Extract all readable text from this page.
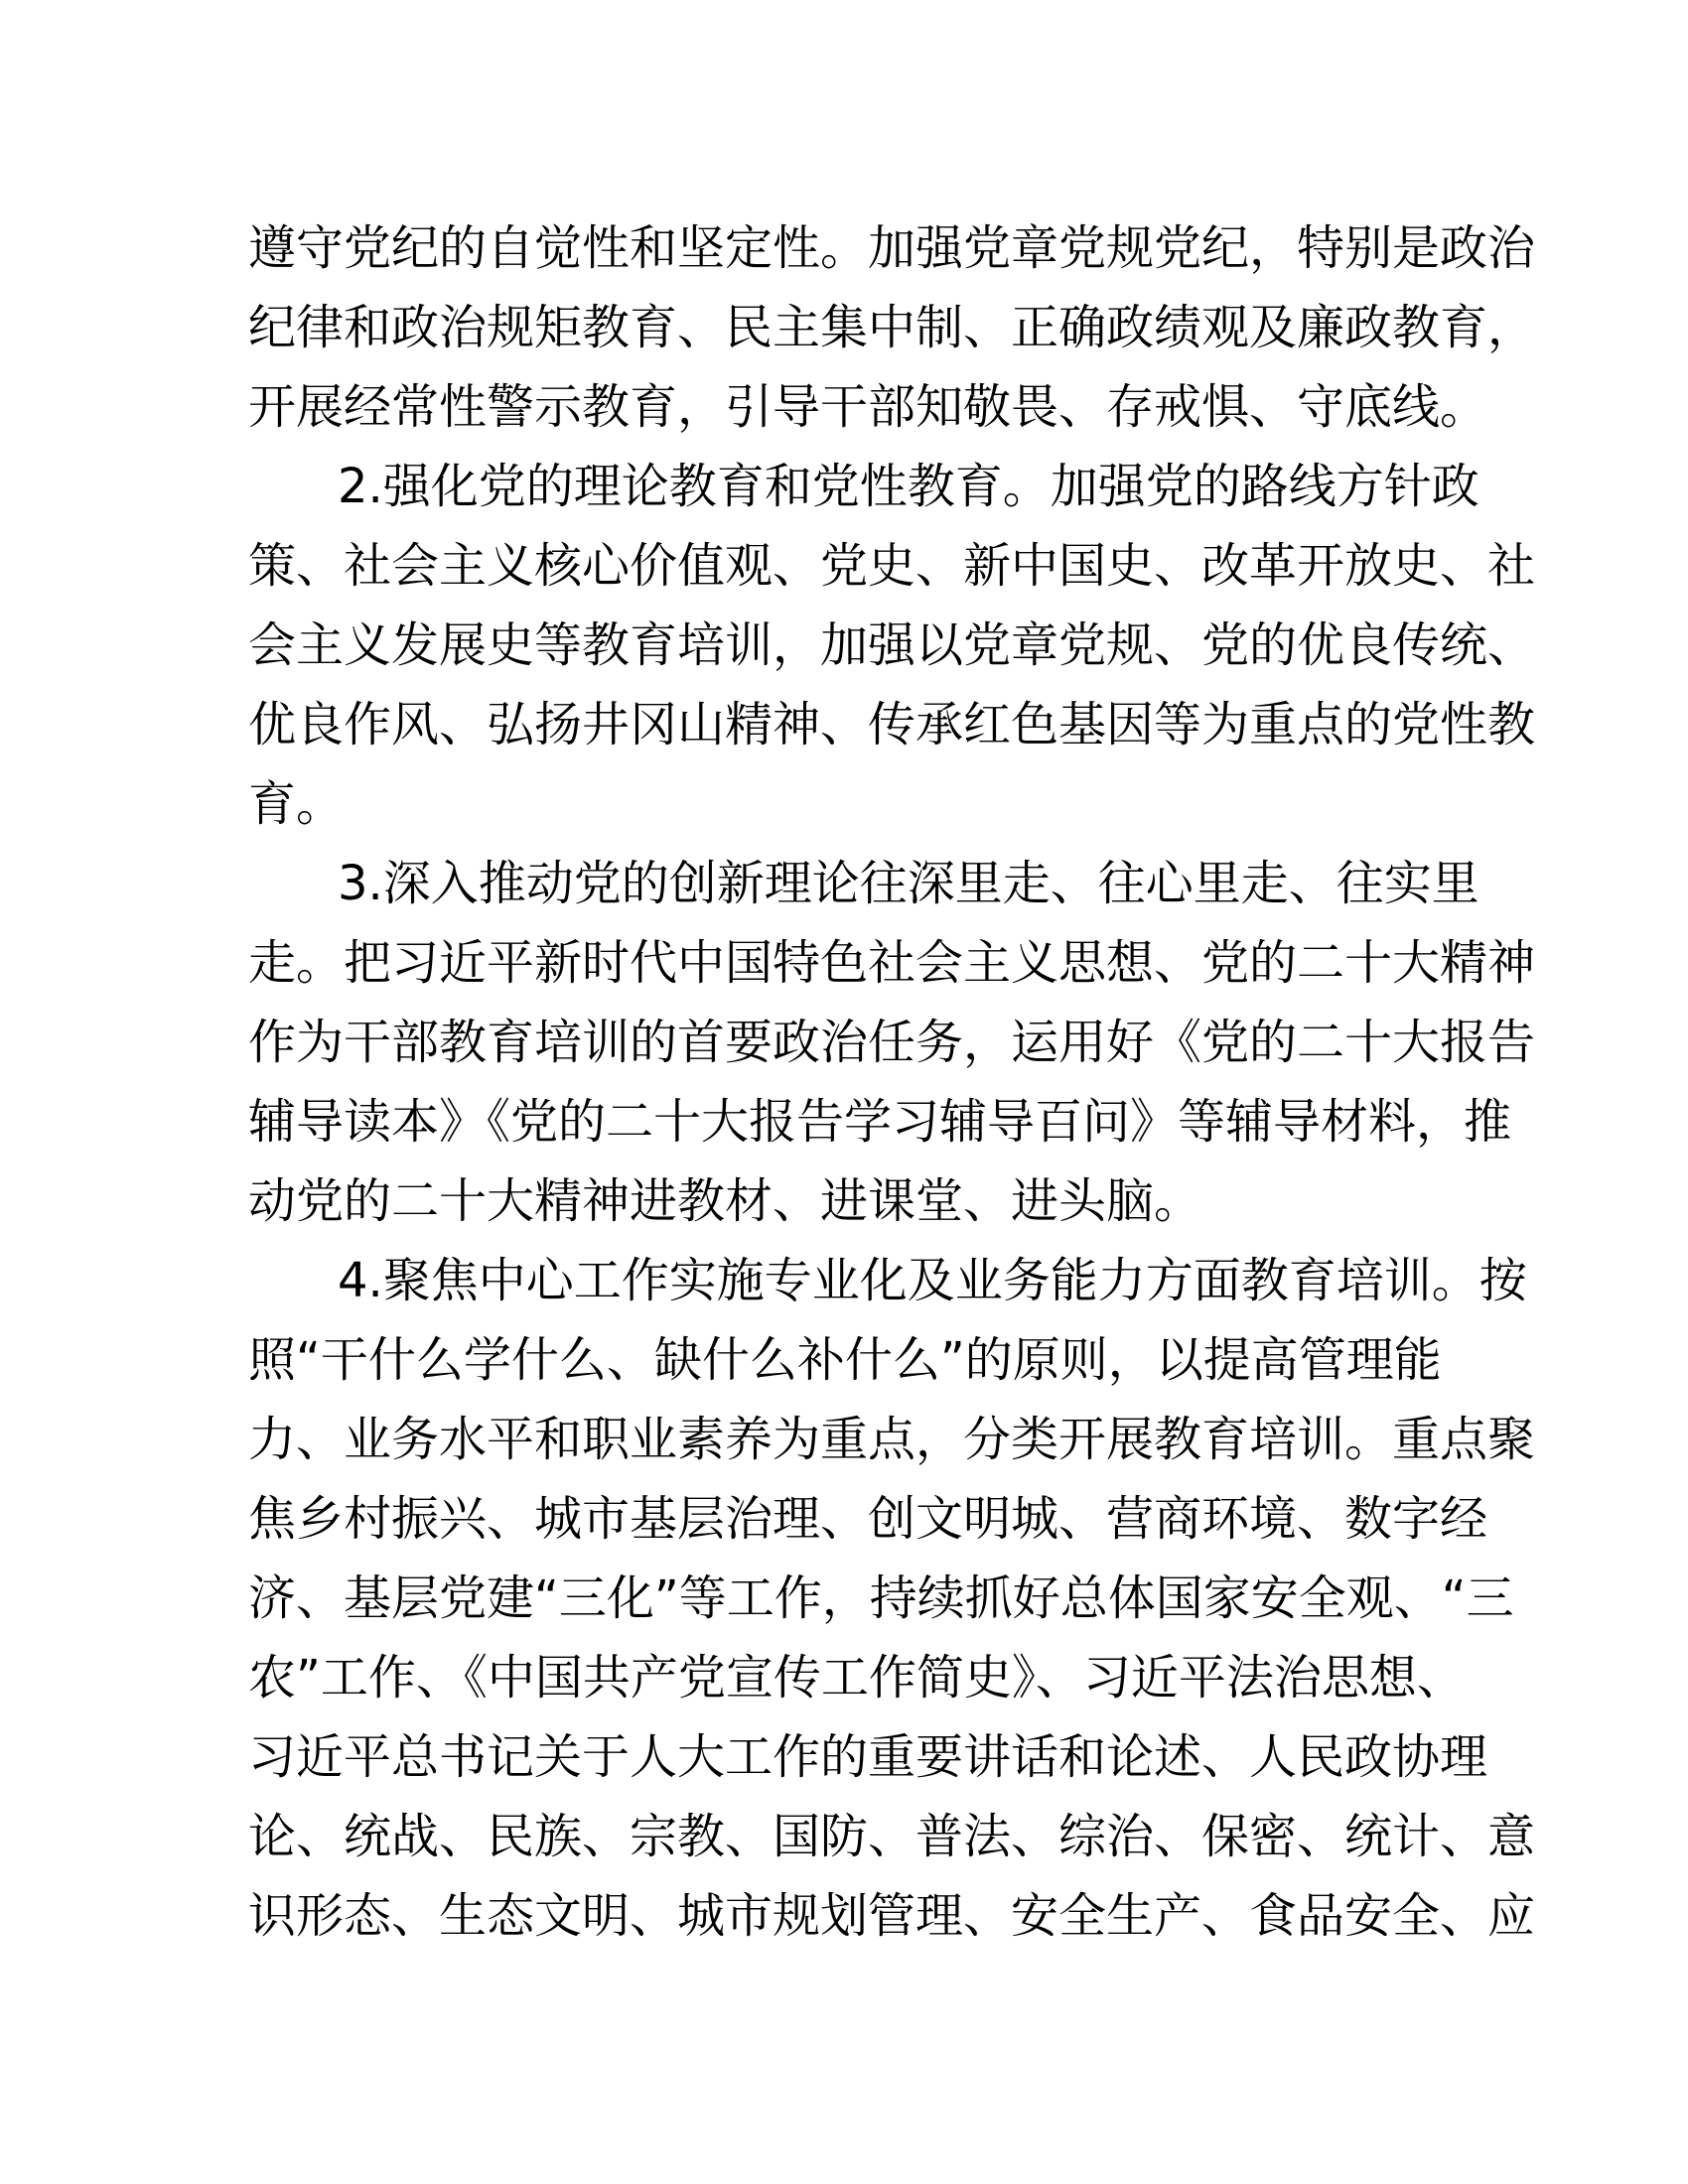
遵守党纪的自觉性和坚定性。加强党章党规党纪，特别是政治
纪律和政治规矩教育、民主集中制、正确政绩观及廉政教育，
开展经常性警示教育，引导干部知敬畏、存戒惧、守底线。
2.强化党的理论教育和党性教育。加强党的路线方针政
策、社会主义核心价值观、党史、新中国史、改革开放史、社
会主义发展史等教育培训，加强以党章党规、党的优良传统、
优良作风、弘扬井冈山精神、传承红色基因等为重点的党性教
育。
3.深入推动党的创新理论往深里走、往心里走、往实里
走。把习近平新时代中国特色社会主义思想、党的二十大精神
作为干部教育培训的首要政治任务，运用好《党的二十大报告
辅导读本》《党的二十大报告学习辅导百问》等辅导材料，推
动党的二十大精神进教材、进课堂、进头脑。
4.聚焦中心工作实施专业化及业务能力方面教育培训。按
照“干什么学什么、缺什么补什么”的原则，以提高管理能
力、业务水平和职业素养为重点，分类开展教育培训。重点聚
焦乡村振兴、城市基层治理、创文明城、营商环境、数字经
济、基层党建“三化”等工作，持续抓好总体国家安全观、“三
农”工作、《中国共产党宣传工作简史》、习近平法治思想、
习近平总书记关于人大工作的重要讲话和论述、人民政协理
论、统战、民族、宗教、国防、普法、综治、保密、统计、意
识形态、生态文明、城市规划管理、安全生产、食品安全、应
